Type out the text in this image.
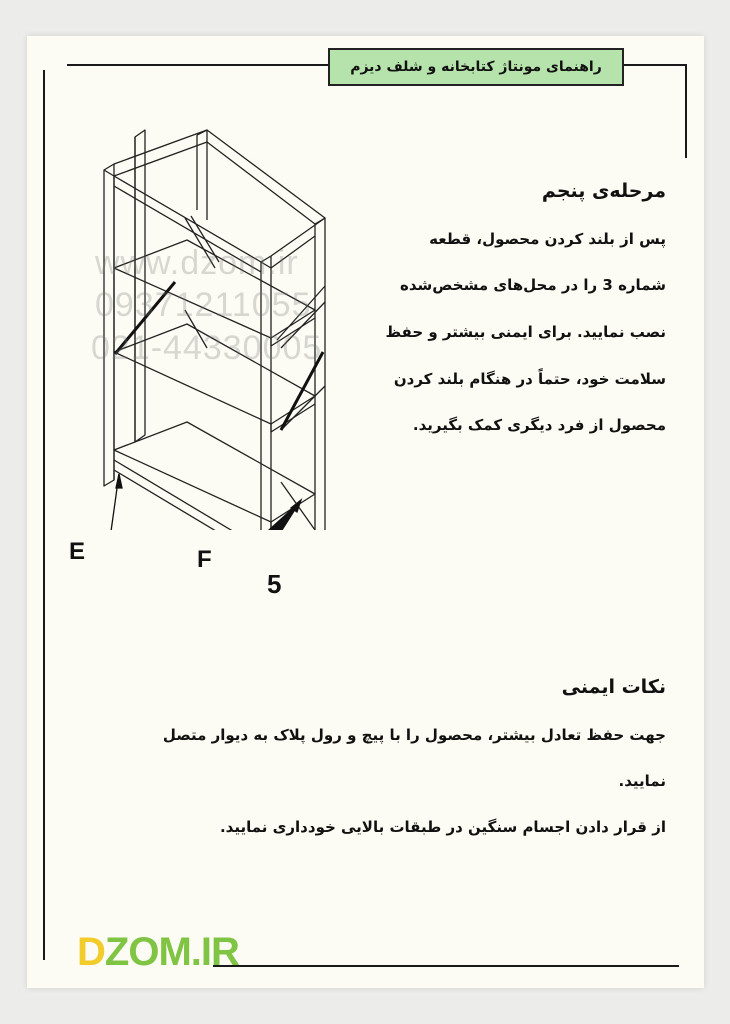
راهنمای مونتاژ کتابخانه و شلف دیزم
www.dzom.ir
09371211055
021-44330005
E	F
5
مرحله‌ی پنجم
پس از بلند کردن محصول، قطعه
شماره 3 را در محل‌های مشخص‌شده
نصب نمایید. برای ایمنی بیشتر و حفظ
سلامت خود، حتماً در هنگام بلند کردن
محصول از فرد دیگری کمک بگیرید.
نکات ایمنی
جهت حفظ تعادل بیشتر، محصول را با پیچ و رول پلاک به دیوار متصل
نمایید.
از قرار دادن اجسام سنگین در طبقات بالایی خودداری نمایید.
DZOM.IR
